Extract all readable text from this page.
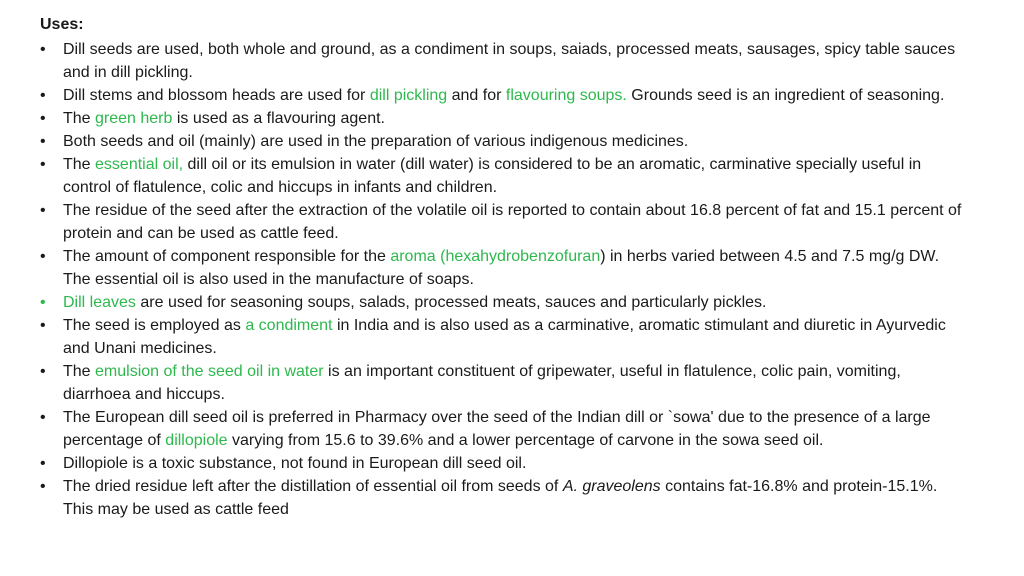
Uses:
•	Dill seeds are used, both whole and ground, as a condiment in soups, saiads, processed meats, sausages, spicy table sauces and in dill pickling.
•	Dill stems and blossom heads are used for dill pickling and for flavouring soups. Grounds seed is an ingredient of seasoning.
•	The green herb is used as a flavouring agent.
•	Both seeds and oil (mainly) are used in the preparation of various indigenous medicines.
•	The essential oil, dill oil or its emulsion in water (dill water) is considered to be an aromatic, carminative specially useful in control of flatulence, colic and hiccups in infants and children.
•	The residue of the seed after the extraction of the volatile oil is reported to contain about 16.8 percent of fat and 15.1 percent of protein and can be used as cattle feed.
•	The amount of component responsible for the aroma (hexahydrobenzofuran) in herbs varied between 4.5 and 7.5 mg/g DW. The essential oil is also used in the manufacture of soaps.
•	Dill leaves are used for seasoning soups, salads, processed meats, sauces and particularly pickles.
•	The seed is employed as a condiment in India and is also used as a carminative, aromatic stimulant and diuretic in Ayurvedic and Unani medicines.
•	The emulsion of the seed oil in water is an important constituent of gripewater, useful in flatulence, colic pain, vomiting, diarrhoea and hiccups.
•	The European dill seed oil is preferred in Pharmacy over the seed of the Indian dill or `sowa' due to the presence of a large percentage of dillopiole varying from 15.6 to 39.6% and a lower percentage of carvone in the sowa seed oil.
•	Dillopiole is a toxic substance, not found in European dill seed oil.
•	The dried residue left after the distillation of essential oil from seeds of A. graveolens contains fat-16.8% and protein-15.1%. This may be used as cattle feed
